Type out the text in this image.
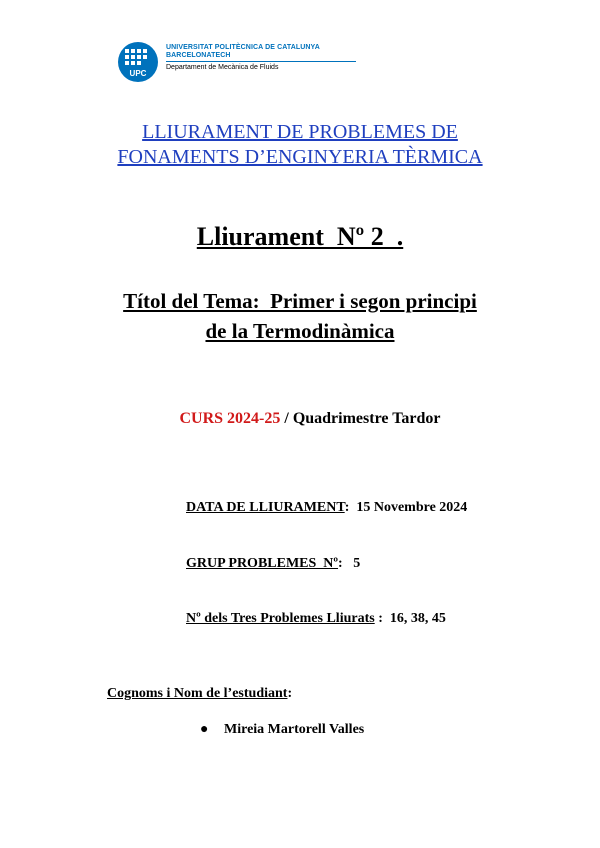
UPC
UNIVERSITAT POLITÈCNICA DE CATALUNYA
BARCELONATECH
Departament de Mecànica de Fluids
LLIURAMENT DE PROBLEMES DE
FONAMENTS D’ENGINYERIA TÈRMICA
Lliurament  Nº 2  .
Títol del Tema:  Primer i segon principi
de la Termodinàmica
CURS 2024-25 / Quadrimestre Tardor
DATA DE LLIURAMENT:  15 Novembre 2024
GRUP PROBLEMES  Nº:   5
Nº dels Tres Problemes Lliurats :  16, 38, 45
Cognoms i Nom de l’estudiant:
● Mireia Martorell Valles
